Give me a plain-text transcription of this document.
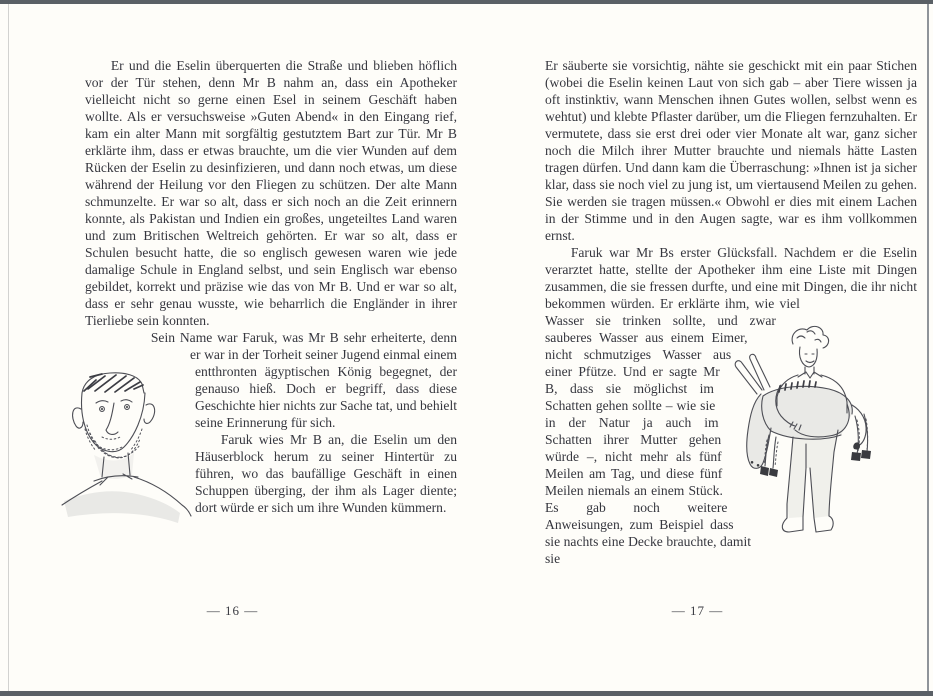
Er und die Eselin überquerten die Straße und blieben höflich vor der Tür stehen, denn Mr B nahm an, dass ein Apotheker vielleicht nicht so gerne einen Esel in seinem Geschäft haben wollte. Als er versuchsweise »Guten Abend« in den Eingang rief, kam ein alter Mann mit sorgfältig gestutztem Bart zur Tür. Mr B erklärte ihm, dass er etwas brauchte, um die vier Wunden auf dem Rücken der Eselin zu desinfizieren, und dann noch etwas, um diese während der Heilung vor den Fliegen zu schützen. Der alte Mann schmunzelte. Er war so alt, dass er sich noch an die Zeit erinnern konnte, als Pakistan und Indien ein großes, ungeteiltes Land waren und zum Britischen Weltreich gehörten. Er war so alt, dass er Schulen besucht hatte, die so englisch gewesen waren wie jede damalige Schule in England selbst, und sein Englisch war ebenso gebildet, korrekt und präzise wie das von Mr B. Und er war so alt, dass er sehr genau wusste, wie beharrlich die Engländer in ihrer Tierliebe sein konnten.

Sein Name war Faruk, was Mr B sehr erheiterte, denn er war in der Torheit seiner Jugend einmal einem entthronten ägyptischen König begegnet, der genauso hieß. Doch er begriff, dass diese Geschichte hier nichts zur Sache tat, und behielt seine Erinnerung für sich.

Faruk wies Mr B an, die Eselin um den Häuserblock herum zu seiner Hintertür zu führen, wo das baufällige Geschäft in einen Schuppen überging, der ihm als Lager diente; dort würde er sich um ihre Wunden kümmern.

— 16 —

Er säuberte sie vorsichtig, nähte sie geschickt mit ein paar Stichen (wobei die Eselin keinen Laut von sich gab – aber Tiere wissen ja oft instinktiv, wann Menschen ihnen Gutes wollen, selbst wenn es wehtut) und klebte Pflaster darüber, um die Fliegen fernzuhalten. Er vermutete, dass sie erst drei oder vier Monate alt war, ganz sicher noch die Milch ihrer Mutter brauchte und niemals hätte Lasten tragen dürfen. Und dann kam die Überraschung: »Ihnen ist ja sicher klar, dass sie noch viel zu jung ist, um viertausend Meilen zu gehen. Sie werden sie tragen müssen.« Obwohl er dies mit einem Lachen in der Stimme und in den Augen sagte, war es ihm vollkommen ernst.

Faruk war Mr Bs erster Glücksfall. Nachdem er die Eselin verarztet hatte, stellte der Apotheker ihm eine Liste mit Dingen zusammen, die sie fressen durfte, und eine mit Dingen, die ihr nicht bekommen würden. Er erklärte ihm, wie viel Wasser sie trinken sollte, und zwar sauberes Wasser aus einem Eimer, nicht schmutziges Wasser aus einer Pfütze. Und er sagte Mr B, dass sie möglichst im Schatten gehen sollte – wie sie in der Natur ja auch im Schatten ihrer Mutter gehen würde –, nicht mehr als fünf Meilen am Tag, und diese fünf Meilen niemals an einem Stück. Es gab noch weitere Anweisungen, zum Beispiel dass sie nachts eine Decke brauchte, damit sie

— 17 —
